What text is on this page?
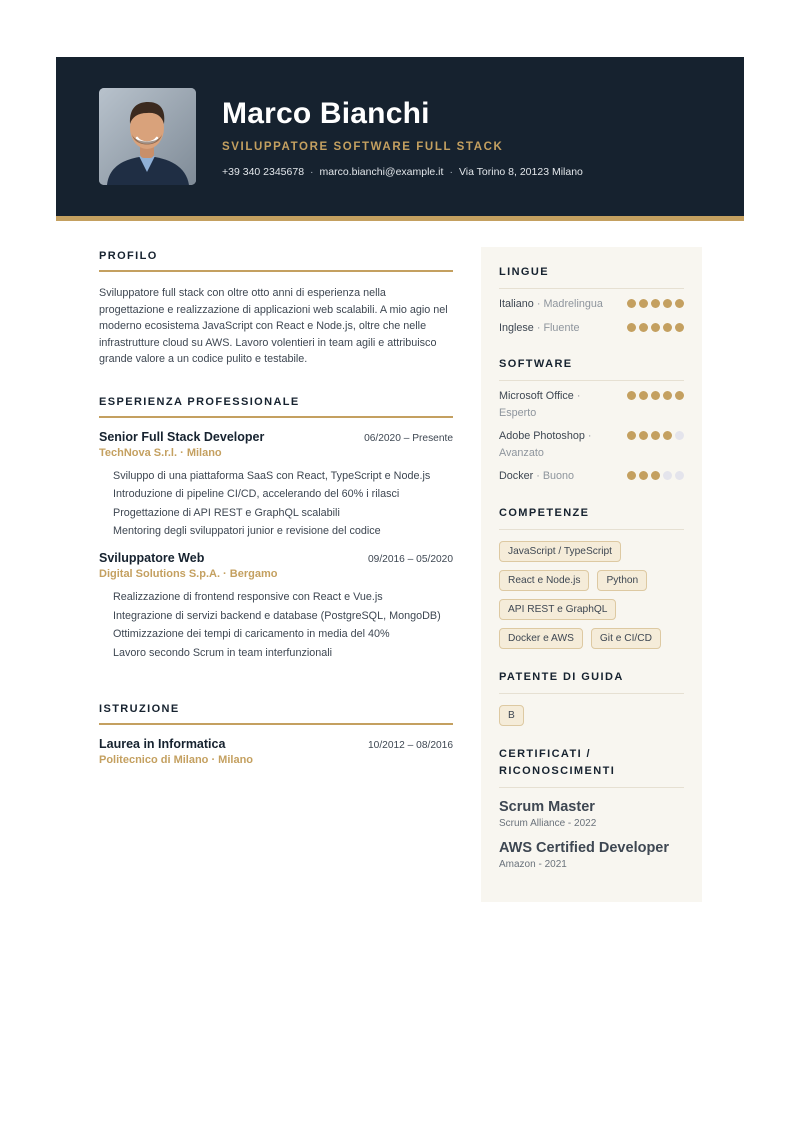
Marco Bianchi
SVILUPPATORE SOFTWARE FULL STACK
+39 340 2345678 · marco.bianchi@example.it · Via Torino 8, 20123 Milano
PROFILO

Sviluppatore full stack con oltre otto anni di esperienza nella progettazione e realizzazione di applicazioni web scalabili. A mio agio nel moderno ecosistema JavaScript con React e Node.js, oltre che nelle infrastrutture cloud su AWS. Lavoro volentieri in team agili e attribuisco grande valore a un codice pulito e testabile.

ESPERIENZA PROFESSIONALE
Senior Full Stack Developer	06/2020 – Presente
TechNova S.r.l. · Milano
Sviluppo di una piattaforma SaaS con React, TypeScript e Node.js
Introduzione di pipeline CI/CD, accelerando del 60% i rilasci
Progettazione di API REST e GraphQL scalabili
Mentoring degli sviluppatori junior e revisione del codice
Sviluppatore Web	09/2016 – 05/2020
Digital Solutions S.p.A. · Bergamo
Realizzazione di frontend responsive con React e Vue.js
Integrazione di servizi backend e database (PostgreSQL, MongoDB)
Ottimizzazione dei tempi di caricamento in media del 40%
Lavoro secondo Scrum in team interfunzionali
ISTRUZIONE
Laurea in Informatica	10/2012 – 08/2016
Politecnico di Milano · Milano
LINGUE
Italiano · Madrelingua
Inglese · Fluente
SOFTWARE
Microsoft Office · Esperto
Adobe Photoshop · Avanzato
Docker · Buono
COMPETENZE
JavaScript / TypeScript
React e Node.js	Python
API REST e GraphQL
Docker e AWS	Git e CI/CD
PATENTE DI GUIDA
B
CERTIFICATI / RICONOSCIMENTI
Scrum Master
Scrum Alliance - 2022
AWS Certified Developer
Amazon - 2021
